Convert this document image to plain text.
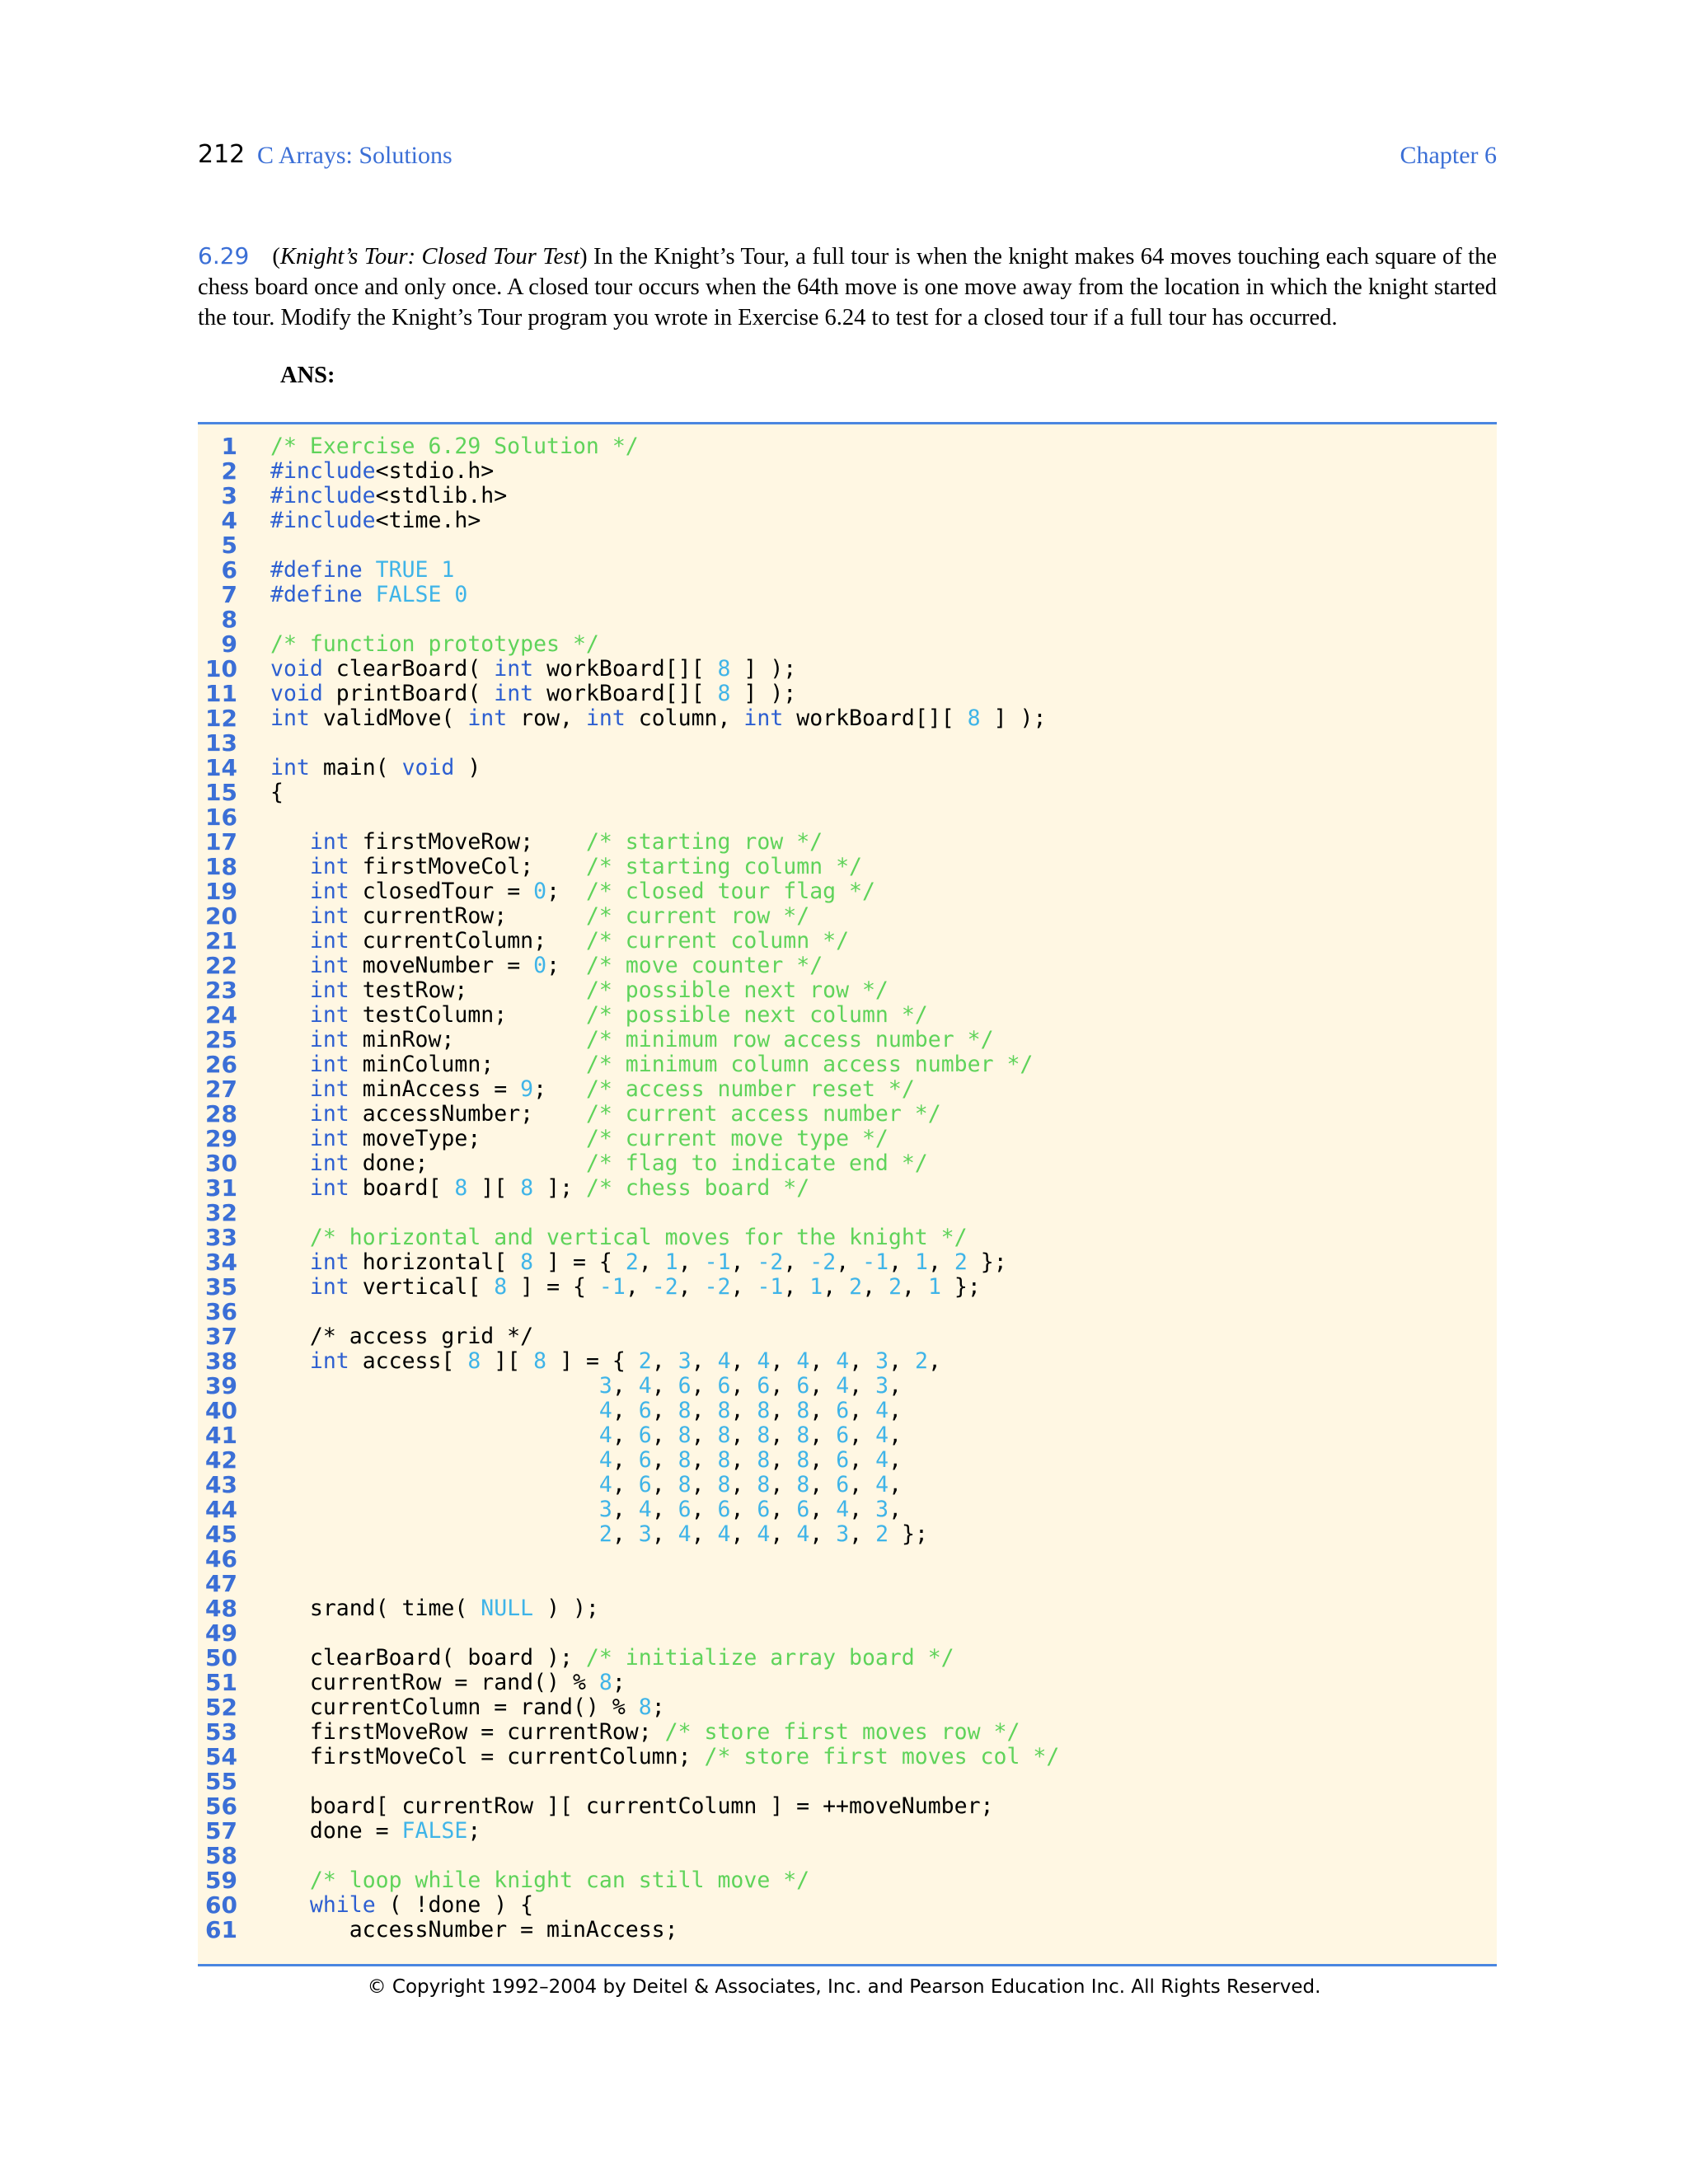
212 C Arrays: Solutions	Chapter 6
6.29 (Knight’s Tour: Closed Tour Test) In the Knight’s Tour, a full tour is when the knight makes 64 moves touching each square of the chess board once and only once. A closed tour occurs when the 64th move is one move away from the location in which the knight started the tour. Modify the Knight’s Tour program you wrote in Exercise 6.24 to test for a closed tour if a full tour has occurred.
ANS:
1 /* Exercise 6.29 Solution */
2 #include<stdio.h>
3 #include<stdlib.h>
4 #include<time.h>
5
6 #define TRUE 1
7 #define FALSE 0
8
9 /* function prototypes */
10 void clearBoard( int workBoard[][ 8 ] );
11 void printBoard( int workBoard[][ 8 ] );
12 int validMove( int row, int column, int workBoard[][ 8 ] );
13
14 int main( void )
15 {
16
17	int firstMoveRow;    /* starting row */
18	int firstMoveCol;    /* starting column */
19	int closedTour = 0;  /* closed tour flag */
20	int currentRow;      /* current row */
21	int currentColumn;   /* current column */
22	int moveNumber = 0;  /* move counter */
23	int testRow;         /* possible next row */
24	int testColumn;      /* possible next column */
25	int minRow;          /* minimum row access number */
26	int minColumn;       /* minimum column access number */
27	int minAccess = 9;   /* access number reset */
28	int accessNumber;    /* current access number */
29	int moveType;        /* current move type */
30	int done;            /* flag to indicate end */
31	int board[ 8 ][ 8 ]; /* chess board */
32
33	/* horizontal and vertical moves for the knight */
34	int horizontal[ 8 ] = { 2, 1, -1, -2, -2, -1, 1, 2 };
35	int vertical[ 8 ] = { -1, -2, -2, -1, 1, 2, 2, 1 };
36
37 /* access grid */
38	int access[ 8 ][ 8 ] = { 2, 3, 4, 4, 4, 4, 3, 2,
39	3, 4, 6, 6, 6, 6, 4, 3,
40	4, 6, 8, 8, 8, 8, 6, 4,
41	4, 6, 8, 8, 8, 8, 6, 4,
42	4, 6, 8, 8, 8, 8, 6, 4,
43	4, 6, 8, 8, 8, 8, 6, 4,
44	3, 4, 6, 6, 6, 6, 4, 3,
45	2, 3, 4, 4, 4, 4, 3, 2 };
46
47
48 srand( time( NULL ) );
49
50 clearBoard( board ); /* initialize array board */
51 currentRow = rand() % 8;
52 currentColumn = rand() % 8;
53 firstMoveRow = currentRow; /* store first moves row */
54 firstMoveCol = currentColumn; /* store first moves col */
55
56 board[ currentRow ][ currentColumn ] = ++moveNumber;
57 done = FALSE;
58
59	/* loop while knight can still move */
60	while ( !done ) {
61 accessNumber = minAccess;
© Copyright 1992–2004 by Deitel & Associates, Inc. and Pearson Education Inc. All Rights Reserved.
